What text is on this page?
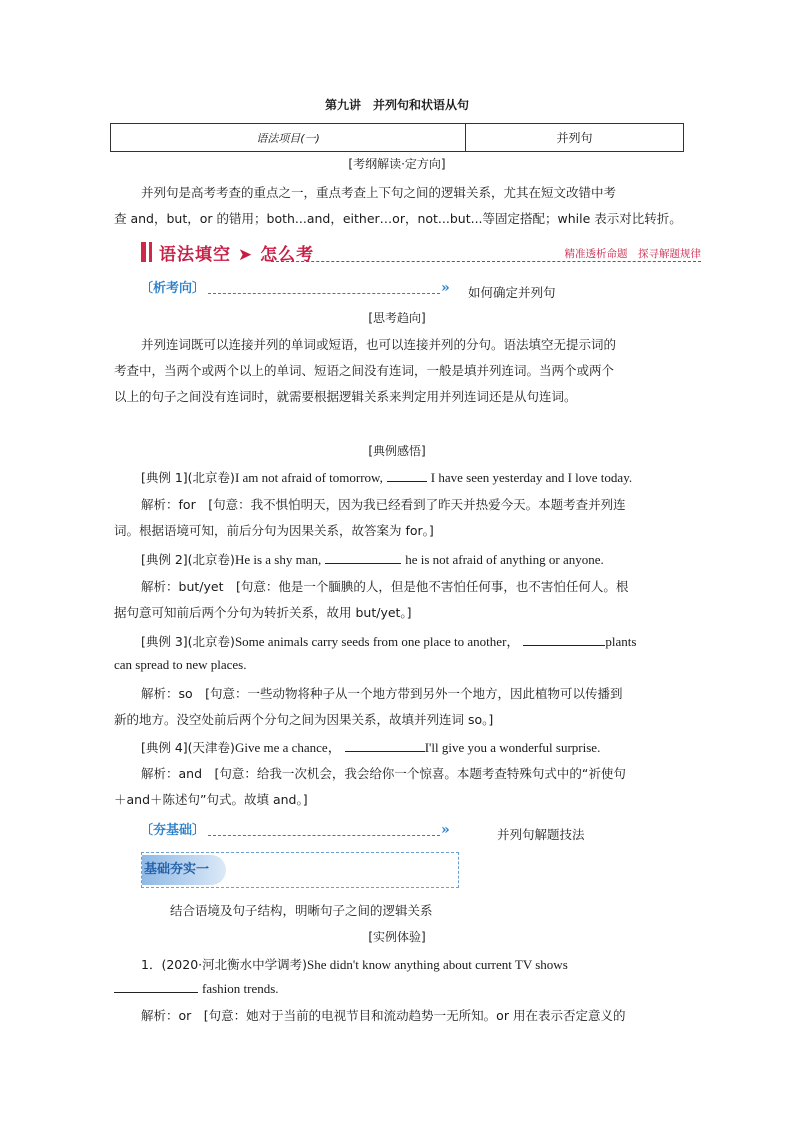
第九讲　并列句和状语从句
语法项目(一)	并列句
[考纲解读·定方向]
并列句是高考考查的重点之一，重点考查上下句之间的逻辑关系，尤其在短文改错中考
查 and，but，or 的错用；both...and，either…or，not...but...等固定搭配；while 表示对比转折。
语法填空 ➤ 怎么考	精准透析命题　探寻解题规律
〔析考向〕	» 如何确定并列句
[思考趋向]
并列连词既可以连接并列的单词或短语，也可以连接并列的分句。语法填空无提示词的
考查中，当两个或两个以上的单词、短语之间没有连词，一般是填并列连词。当两个或两个
以上的句子之间没有连词时，就需要根据逻辑关系来判定用并列连词还是从句连词。
[典例感悟]
[典例 1](北京卷)I am not afraid of tomorrow,	I have seen yesterday and I love today.
解析：for　[句意：我不惧怕明天，因为我已经看到了昨天并热爱今天。本题考查并列连
词。根据语境可知，前后分句为因果关系，故答案为 for。]
[典例 2](北京卷)He is a shy man,	he is not afraid of anything or anyone.
解析：but/yet　[句意：他是一个腼腆的人，但是他不害怕任何事，也不害怕任何人。根
据句意可知前后两个分句为转折关系，故用 but/yet。]
[典例 3](北京卷)Some animals carry seeds from one place to another，	plants
can spread to new places.
解析：so　[句意：一些动物将种子从一个地方带到另外一个地方，因此植物可以传播到
新的地方。没空处前后两个分句之间为因果关系，故填并列连词 so。]
[典例 4](天津卷)Give me a chance，	I'll give you a wonderful surprise.
解析：and　[句意：给我一次机会，我会给你一个惊喜。本题考查特殊句式中的“祈使句
＋and＋陈述句”句式。故填 and。]
〔夯基础〕	»	并列句解题技法
基础夯实一
结合语境及句子结构，明晰句子之间的逻辑关系
[实例体验]
1．(2020·河北衡水中学调考)She didn't know anything about current TV shows
fashion trends.
解析：or　[句意：她对于当前的电视节目和流动趋势一无所知。or 用在表示否定意义的
